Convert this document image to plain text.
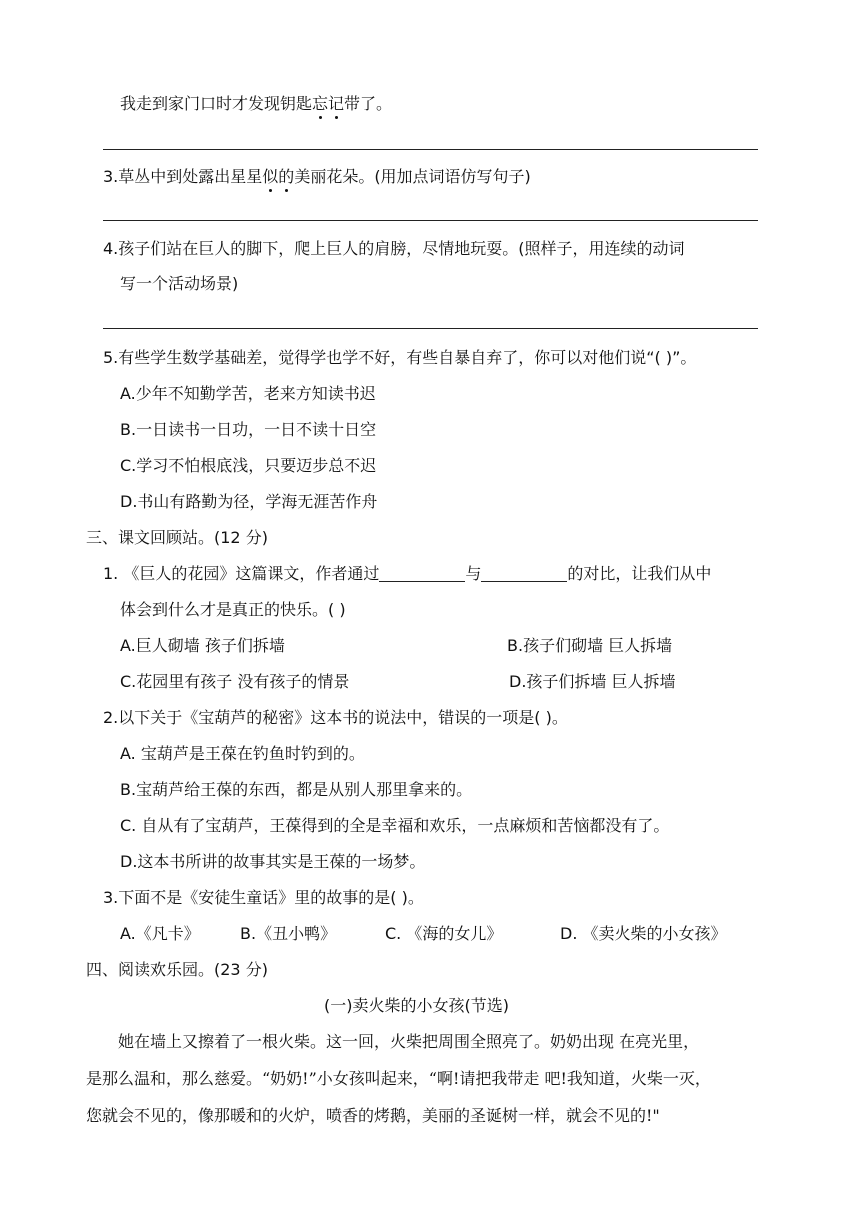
我走到家门口时才发现钥匙忘记带了。
3.草丛中到处露出星星似的美丽花朵。(用加点词语仿写句子)
4.孩子们站在巨人的脚下，爬上巨人的肩膀，尽情地玩耍。(照样子，用连续的动词
写一个活动场景)
5.有些学生数学基础差，觉得学也学不好，有些自暴自弃了，你可以对他们说“( )”。
A.少年不知勤学苦，老来方知读书迟
B.一日读书一日功，一日不读十日空
C.学习不怕根底浅，只要迈步总不迟
D.书山有路勤为径，学海无涯苦作舟
三、课文回顾站。(12 分)
1. 《巨人的花园》这篇课文，作者通过	与	的对比，让我们从中
体会到什么才是真正的快乐。( )
A.巨人砌墙 孩子们拆墙	B.孩子们砌墙 巨人拆墙
C.花园里有孩子 没有孩子的情景	D.孩子们拆墙 巨人拆墙
2.以下关于《宝葫芦的秘密》这本书的说法中，错误的一项是( )。
A. 宝葫芦是王葆在钓鱼时钓到的。
B.宝葫芦给王葆的东西，都是从别人那里拿来的。
C. 自从有了宝葫芦，王葆得到的全是幸福和欢乐，一点麻烦和苦恼都没有了。
D.这本书所讲的故事其实是王葆的一场梦。
3.下面不是《安徒生童话》里的故事的是( )。
A.《凡卡》	B.《丑小鸭》	C. 《海的女儿》	D. 《卖火柴的小女孩》
四、阅读欢乐园。(23 分)
(一)卖火柴的小女孩(节选)
她在墙上又擦着了一根火柴。这一回，火柴把周围全照亮了。奶奶出现 在亮光里，
是那么温和，那么慈爱。“奶奶!”小女孩叫起来，“啊!请把我带走 吧!我知道，火柴一灭，
您就会不见的，像那暖和的火炉，喷香的烤鹅，美丽的圣诞树一样，就会不见的!"
